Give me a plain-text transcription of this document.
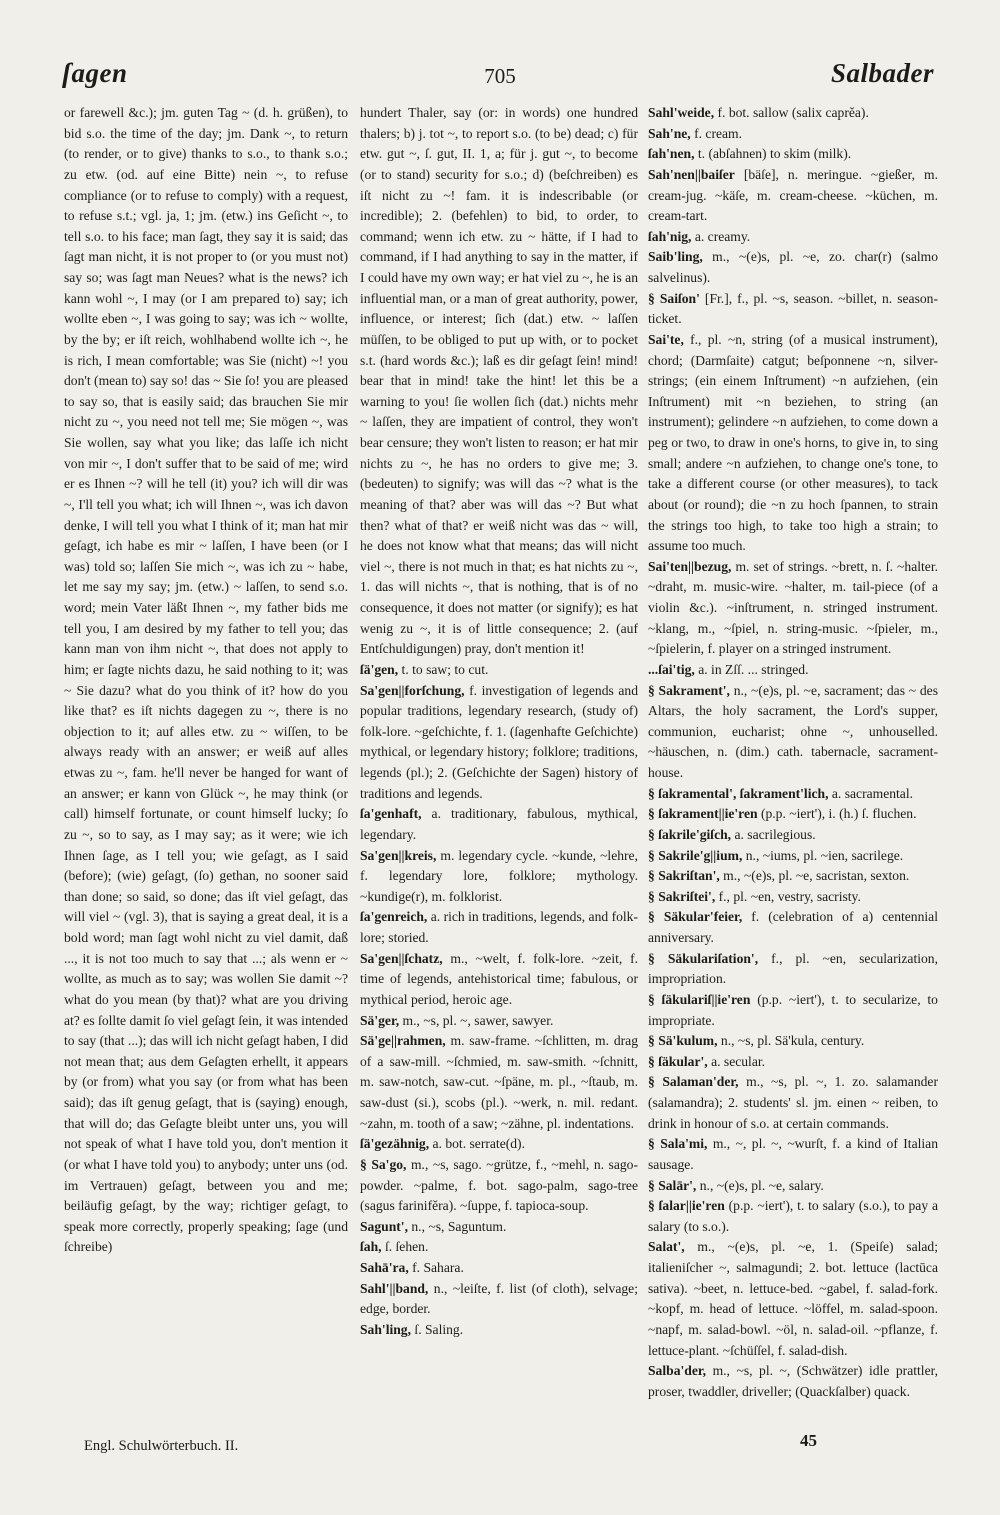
ſagen	705	Salbader

or farewell &c.); jm. guten Tag ~ (d. h. grüßen), to bid s.o. the time of the day; jm. Dank ~, to return (to render, or to give) thanks to s.o., to thank s.o.; zu etw. (od. auf eine Bitte) nein ~, to refuse compliance (or to refuse to comply) with a request, to refuse s.t.; vgl. ja, 1; jm. (etw.) ins Geſicht ~, to tell s.o. to his face; man ſagt, they say it is said; das ſagt man nicht, it is not proper to (or you must not) say so; was ſagt man Neues? what is the news? ich kann wohl ~, I may (or I am prepared to) say; ich wollte eben ~, I was going to say; was ich ~ wollte, by the by; er iſt reich, wohlhabend wollte ich ~, he is rich, I mean comfortable; was Sie (nicht) ~! you don't (mean to) say so! das ~ Sie ſo! you are pleased to say so, that is easily said; das brauchen Sie mir nicht zu ~, you need not tell me; Sie mögen ~, was Sie wollen, say what you like; das laſſe ich nicht von mir ~, I don't suffer that to be said of me; wird er es Ihnen ~? will he tell (it) you? ich will dir was ~, I'll tell you what; ich will Ihnen ~, was ich davon denke, I will tell you what I think of it; man hat mir geſagt, ich habe es mir ~ laſſen, I have been (or I was) told so; laſſen Sie mich ~, was ich zu ~ habe, let me say my say; jm. (etw.) ~ laſſen, to send s.o. word; mein Vater läßt Ihnen ~, my father bids me tell you, I am desired by my father to tell you; das kann man von ihm nicht ~, that does not apply to him; er ſagte nichts dazu, he said nothing to it; was ~ Sie dazu? what do you think of it? how do you like that? es iſt nichts dagegen zu ~, there is no objection to it; auf alles etw. zu ~ wiſſen, to be always ready with an answer; er weiß auf alles etwas zu ~, fam. he'll never be hanged for want of an answer; er kann von Glück ~, he may think (or call) himself fortunate, or count himself lucky; ſo zu ~, so to say, as I may say; as it were; wie ich Ihnen ſage, as I tell you; wie geſagt, as I said (before); (wie) geſagt, (ſo) gethan, no sooner said than done; so said, so done; das iſt viel geſagt, das will viel ~ (vgl. 3), that is saying a great deal, it is a bold word; man ſagt wohl nicht zu viel damit, daß ..., it is not too much to say that ...; als wenn er ~ wollte, as much as to say; was wollen Sie damit ~? what do you mean (by that)? what are you driving at? es ſollte damit ſo viel geſagt ſein, it was intended to say (that ...); das will ich nicht geſagt haben, I did not mean that; aus dem Geſagten erhellt, it appears by (or from) what you say (or from what has been said); das iſt genug geſagt, that is (saying) enough, that will do; das Geſagte bleibt unter uns, you will not speak of what I have told you, don't mention it (or what I have told you) to anybody; unter uns (od. im Vertrauen) geſagt, between you and me; beiläufig geſagt, by the way; richtiger geſagt, to speak more correctly, properly speaking; ſage (und ſchreibe)

hundert Thaler, say (or: in words) one hundred thalers; b) j. tot ~, to report s.o. (to be) dead; c) für etw. gut ~, ſ. gut, II. 1, a; für j. gut ~, to become (or to stand) security for s.o.; d) (beſchreiben) es iſt nicht zu ~! fam. it is indescribable (or incredible); 2. (befehlen) to bid, to order, to command; wenn ich etw. zu ~ hätte, if I had to command, if I had anything to say in the matter, if I could have my own way; er hat viel zu ~, he is an influential man, or a man of great authority, power, influence, or interest; ſich (dat.) etw. ~ laſſen müſſen, to be obliged to put up with, or to pocket s.t. (hard words &c.); laß es dir geſagt ſein! mind! bear that in mind! take the hint! let this be a warning to you! ſie wollen ſich (dat.) nichts mehr ~ laſſen, they are impatient of control, they won't bear censure; they won't listen to reason; er hat mir nichts zu ~, he has no orders to give me; 3. (bedeuten) to signify; was will das ~? what is the meaning of that? aber was will das ~? But what then? what of that? er weiß nicht was das ~ will, he does not know what that means; das will nicht viel ~, there is not much in that; es hat nichts zu ~, 1. das will nichts ~, that is nothing, that is of no consequence, it does not matter (or signify); es hat wenig zu ~, it is of little consequence; 2. (auf Entſchuldigungen) pray, don't mention it!

ſä'gen, t. to saw; to cut.

Sa'gen||forſchung, f. investigation of legends and popular traditions, legendary research, (study of) folk-lore. ~geſchichte, f. 1. (ſagenhafte Geſchichte) mythical, or legendary history; folklore; traditions, legends (pl.); 2. (Geſchichte der Sagen) history of traditions and legends.

ſa'genhaft, a. traditionary, fabulous, mythical, legendary.

Sa'gen||kreis, m. legendary cycle. ~kunde, ~lehre, f. legendary lore, folklore; mythology. ~kundige(r), m. folklorist.

ſa'genreich, a. rich in traditions, legends, and folk-lore; storied.

Sa'gen||ſchatz, m., ~welt, f. folk-lore. ~zeit, f. time of legends, antehistorical time; fabulous, or mythical period, heroic age.

Sä'ger, m., ~s, pl. ~, sawer, sawyer.

Sä'ge||rahmen, m. saw-frame. ~ſchlitten, m. drag of a saw-mill. ~ſchmied, m. saw-smith. ~ſchnitt, m. saw-notch, saw-cut. ~ſpäne, m. pl., ~ſtaub, m. saw-dust (si.), scobs (pl.). ~werk, n. mil. redant. ~zahn, m. tooth of a saw; ~zähne, pl. indentations.

ſä'gezähnig, a. bot. serrate(d).

§ Sa'go, m., ~s, sago. ~grütze, f., ~mehl, n. sago-powder. ~palme, f. bot. sago-palm, sago-tree (sagus farinifěra). ~ſuppe, f. tapioca-soup.

Sagunt', n., ~s, Saguntum.

ſah, ſ. ſehen.

Sahā'ra, f. Sahara.

Sahl'||band, n., ~leiſte, f. list (of cloth), selvage; edge, border.

Sah'ling, ſ. Saling.

Sahl'weide, f. bot. sallow (salix caprěa).

Sah'ne, f. cream.

ſah'nen, t. (abſahnen) to skim (milk).

Sah'nen||baiſer [bäſe], n. meringue. ~gießer, m. cream-jug. ~käſe, m. cream-cheese. ~küchen, m. cream-tart.

ſah'nig, a. creamy.

Saib'ling, m., ~(e)s, pl. ~e, zo. char(r) (salmo salvelinus).

§ Saiſon' [Fr.], f., pl. ~s, season. ~billet, n. season-ticket.

Sai'te, f., pl. ~n, string (of a musical instrument), chord; (Darmſaite) catgut; beſponnene ~n, silver-strings; (ein einem Inſtrument) ~n aufziehen, (ein Inſtrument) mit ~n beziehen, to string (an instrument); gelindere ~n aufziehen, to come down a peg or two, to draw in one's horns, to give in, to sing small; andere ~n aufziehen, to change one's tone, to take a different course (or other measures), to tack about (or round); die ~n zu hoch ſpannen, to strain the strings too high, to take too high a strain; to assume too much.

Sai'ten||bezug, m. set of strings. ~brett, n. ſ. ~halter. ~draht, m. music-wire. ~halter, m. tail-piece (of a violin &c.). ~inſtrument, n. stringed instrument. ~klang, m., ~ſpiel, n. string-music. ~ſpieler, m., ~ſpielerin, f. player on a stringed instrument.

...ſai'tig, a. in Zſſ. ... stringed.

§ Sakrament', n., ~(e)s, pl. ~e, sacrament; das ~ des Altars, the holy sacrament, the Lord's supper, communion, eucharist; ohne ~, unhouselled. ~häuschen, n. (dim.) cath. tabernacle, sacrament-house.

§ ſakramental', ſakrament'lich, a. sacramental.

§ ſakrament||ie'ren (p.p. ~iert'), i. (h.) ſ. fluchen.

§ ſakrile'giſch, a. sacrilegious.

§ Sakrile'g||ium, n., ~iums, pl. ~ien, sacrilege.

§ Sakriſtan', m., ~(e)s, pl. ~e, sacristan, sexton.

§ Sakriſtei', f., pl. ~en, vestry, sacristy.

§ Säkular'feier, f. (celebration of a) centennial anniversary.

§ Säkulariſation', f., pl. ~en, secularization, impropriation.

§ ſäkulariſ||ie'ren (p.p. ~iert'), t. to secularize, to impropriate.

§ Sä'kulum, n., ~s, pl. Sä'kula, century.

§ ſäkular', a. secular.

§ Salaman'der, m., ~s, pl. ~, 1. zo. salamander (salamandra); 2. students' sl. jm. einen ~ reiben, to drink in honour of s.o. at certain commands.

§ Sala'mi, m., ~, pl. ~, ~wurſt, f. a kind of Italian sausage.

§ Salār', n., ~(e)s, pl. ~e, salary.

§ ſalar||ie'ren (p.p. ~iert'), t. to salary (s.o.), to pay a salary (to s.o.).

Salat', m., ~(e)s, pl. ~e, 1. (Speiſe) salad; italieniſcher ~, salmagundi; 2. bot. lettuce (lactūca sativa). ~beet, n. lettuce-bed. ~gabel, f. salad-fork. ~kopf, m. head of lettuce. ~löffel, m. salad-spoon. ~napf, m. salad-bowl. ~öl, n. salad-oil. ~pflanze, f. lettuce-plant. ~ſchüſſel, f. salad-dish.

Salba'der, m., ~s, pl. ~, (Schwätzer) idle prattler, proser, twaddler, driveller; (Quackſalber) quack.

Engl. Schulwörterbuch. II.	45
